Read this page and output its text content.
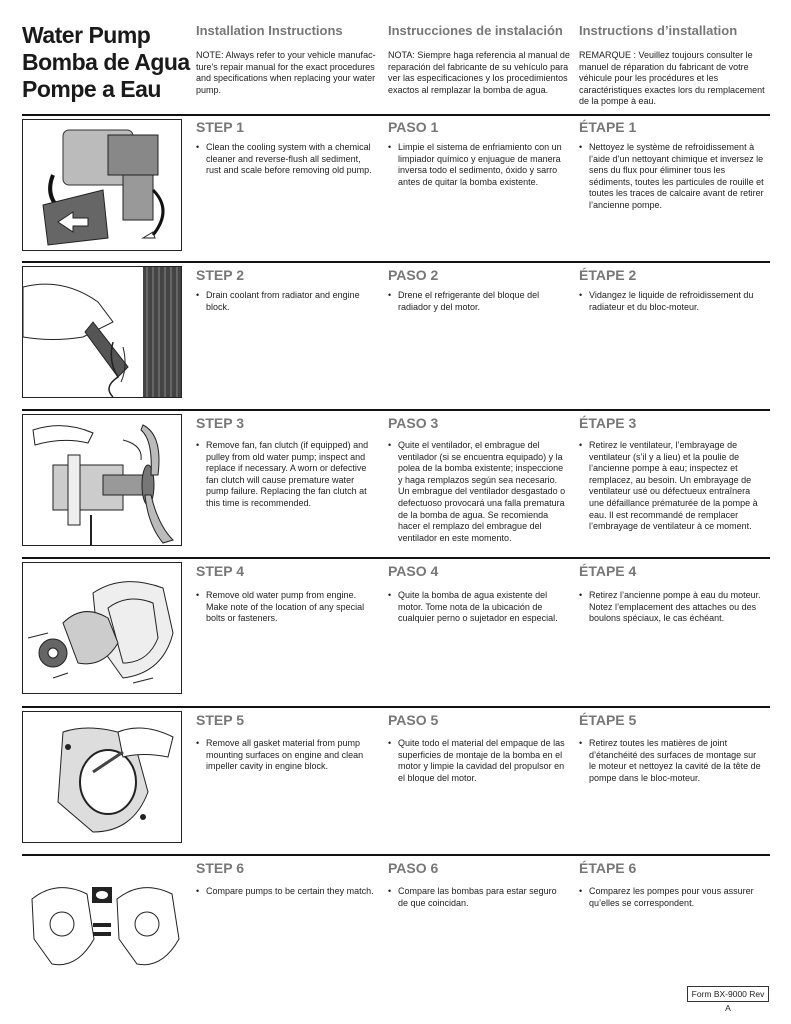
Water Pump
Bomba de Agua
Pompe a Eau
Installation Instructions	Instrucciones de instalación Instructions d’installation
NOTE: Always refer to your vehicle manufac-ture's repair manual for the exact procedures and specifications when replacing your water pump.
NOTA: Siempre haga referencia al manual de reparación del fabricante de su vehículo para ver las especificaciones y los procedimientos exactos al remplazar la bomba de agua.
REMARQUE : Veuillez toujours consulter le manuel de réparation du fabricant de votre véhicule pour les procédures et les caractéristiques exactes lors du remplacement de la pompe à eau.
STEP 1	PASO 1	ÉTAPE 1
• Clean the cooling system with a chemical cleaner and reverse-flush all sediment, rust and scale before removing old pump.
• Limpie el sistema de enfriamiento con un limpiador químico y enjuague de manera inversa todo el sedimento, óxido y sarro antes de quitar la bomba existente.
• Nettoyez le système de refroidissement à l’aide d’un nettoyant chimique et inversez le sens du flux pour éliminer tous les sédiments, toutes les particules de rouille et toutes les traces de calcaire avant de retirer l’ancienne pompe.
STEP 2	PASO 2	ÉTAPE 2
• Drain coolant from radiator and engine block.
• Drene el refrigerante del bloque del radiador y del motor.
• Vidangez le liquide de refroidissement du radiateur et du bloc-moteur.
STEP 3	PASO 3	ÉTAPE 3
• Remove fan, fan clutch (if equipped) and pulley from old water pump; inspect and replace if necessary. A worn or defective fan clutch will cause premature water pump failure. Replacing the fan clutch at this time is recommended.
• Quite el ventilador, el embrague del ventilador (si se encuentra equipado) y la polea de la bomba existente; inspeccione y haga remplazos según sea necesario. Un embrague del ventilador desgastado o defectuoso provocará una falla prematura de la bomba de agua. Se recomienda hacer el remplazo del embrague del ventilador en este momento.
• Retirez le ventilateur, l’embrayage de ventilateur (s’il y a lieu) et la poulie de l’ancienne pompe à eau; inspectez et remplacez, au besoin. Un embrayage de ventilateur usé ou défectueux entraînera une défaillance prématurée de la pompe à eau. Il est recommandé de remplacer l’embrayage de ventilateur à ce moment.
STEP 4	PASO 4	ÉTAPE 4
• Remove old water pump from engine. Make note of the location of any special bolts or fasteners.
• Quite la bomba de agua existente del motor. Tome nota de la ubicación de cualquier perno o sujetador en especial.
• Retirez l’ancienne pompe à eau du moteur. Notez l’emplacement des attaches ou des boulons spéciaux, le cas échéant.
STEP 5	PASO 5	ÉTAPE 5
• Remove all gasket material from pump mounting surfaces on engine and clean impeller cavity in engine block.
• Quite todo el material del empaque de las superficies de montaje de la bomba en el motor y limpie la cavidad del propulsor en el bloque del motor.
• Retirez toutes les matières de joint d’étanchéité des surfaces de montage sur le moteur et nettoyez la cavité de la tête de pompe dans le bloc-moteur.
STEP 6	PASO 6	ÉTAPE 6
• Compare pumps to be certain they match.
•	Compare las bombas para estar seguro de que coincidan.
• Comparez les pompes pour vous assurer qu’elles se correspondent.
Form BX-9000 Rev A
